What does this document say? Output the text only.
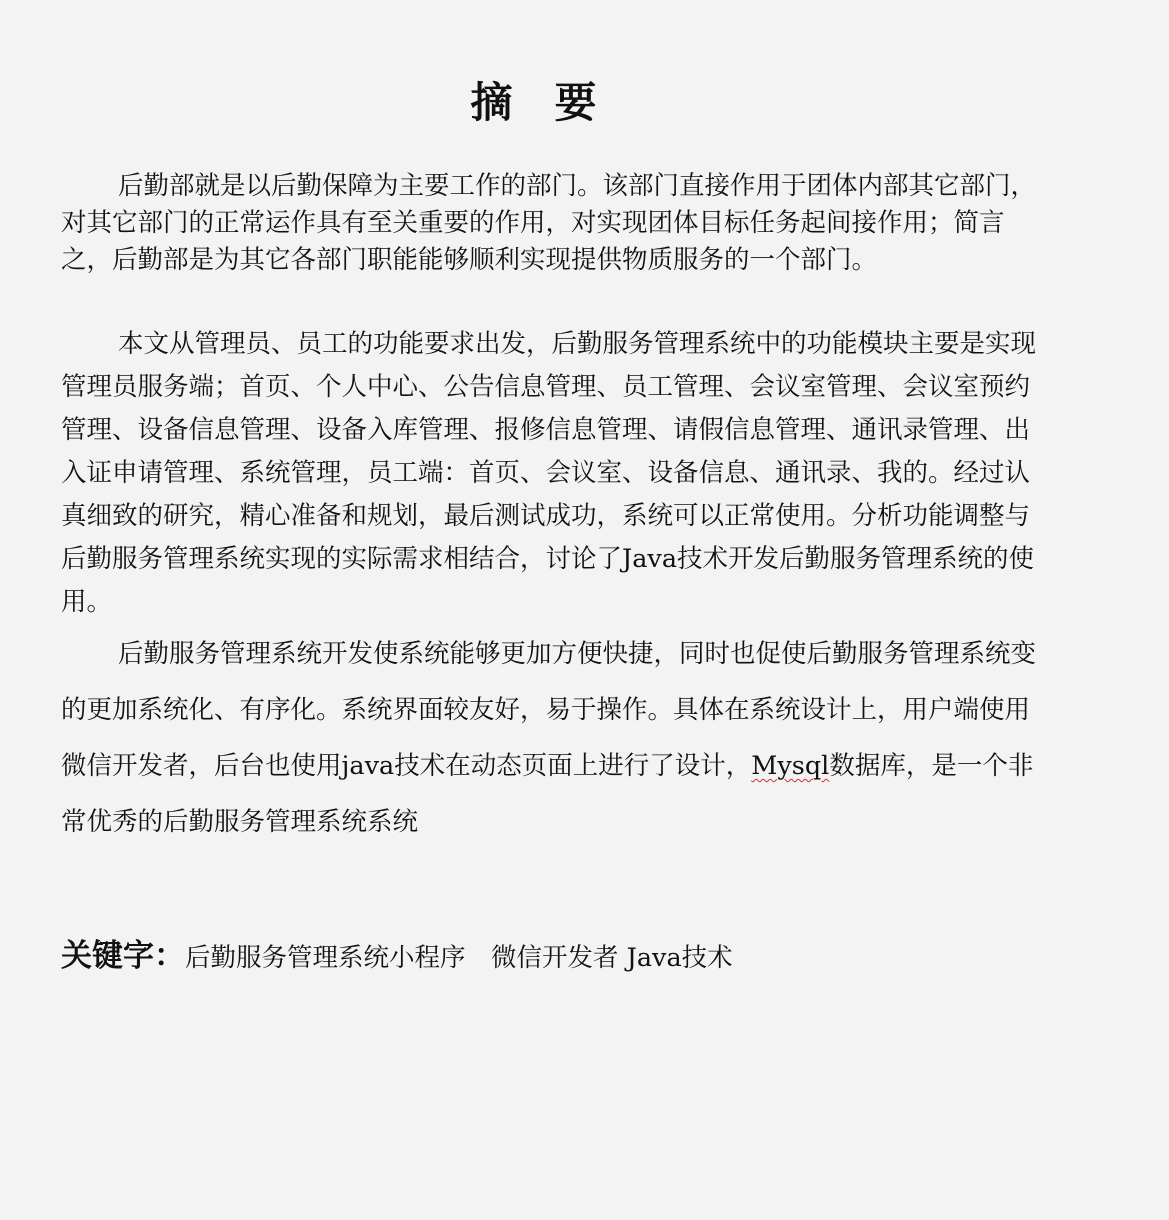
摘要

后勤部就是以后勤保障为主要工作的部门。该部门直接作用于团体内部其它部门，对其它部门的正常运作具有至关重要的作用，对实现团体目标任务起间接作用；简言之，后勤部是为其它各部门职能能够顺利实现提供物质服务的一个部门。

本文从管理员、员工的功能要求出发，后勤服务管理系统中的功能模块主要是实现管理员服务端；首页、个人中心、公告信息管理、员工管理、会议室管理、会议室预约管理、设备信息管理、设备入库管理、报修信息管理、请假信息管理、通讯录管理、出入证申请管理、系统管理，员工端：首页、会议室、设备信息、通讯录、我的。经过认真细致的研究，精心准备和规划，最后测试成功，系统可以正常使用。分析功能调整与后勤服务管理系统实现的实际需求相结合，讨论了Java技术开发后勤服务管理系统的使用。

后勤服务管理系统开发使系统能够更加方便快捷，同时也促使后勤服务管理系统变的更加系统化、有序化。系统界面较友好，易于操作。具体在系统设计上，用户端使用微信开发者，后台也使用java技术在动态页面上进行了设计，Mysql数据库，是一个非常优秀的后勤服务管理系统系统

关键字：后勤服务管理系统小程序　微信开发者 Java技术
